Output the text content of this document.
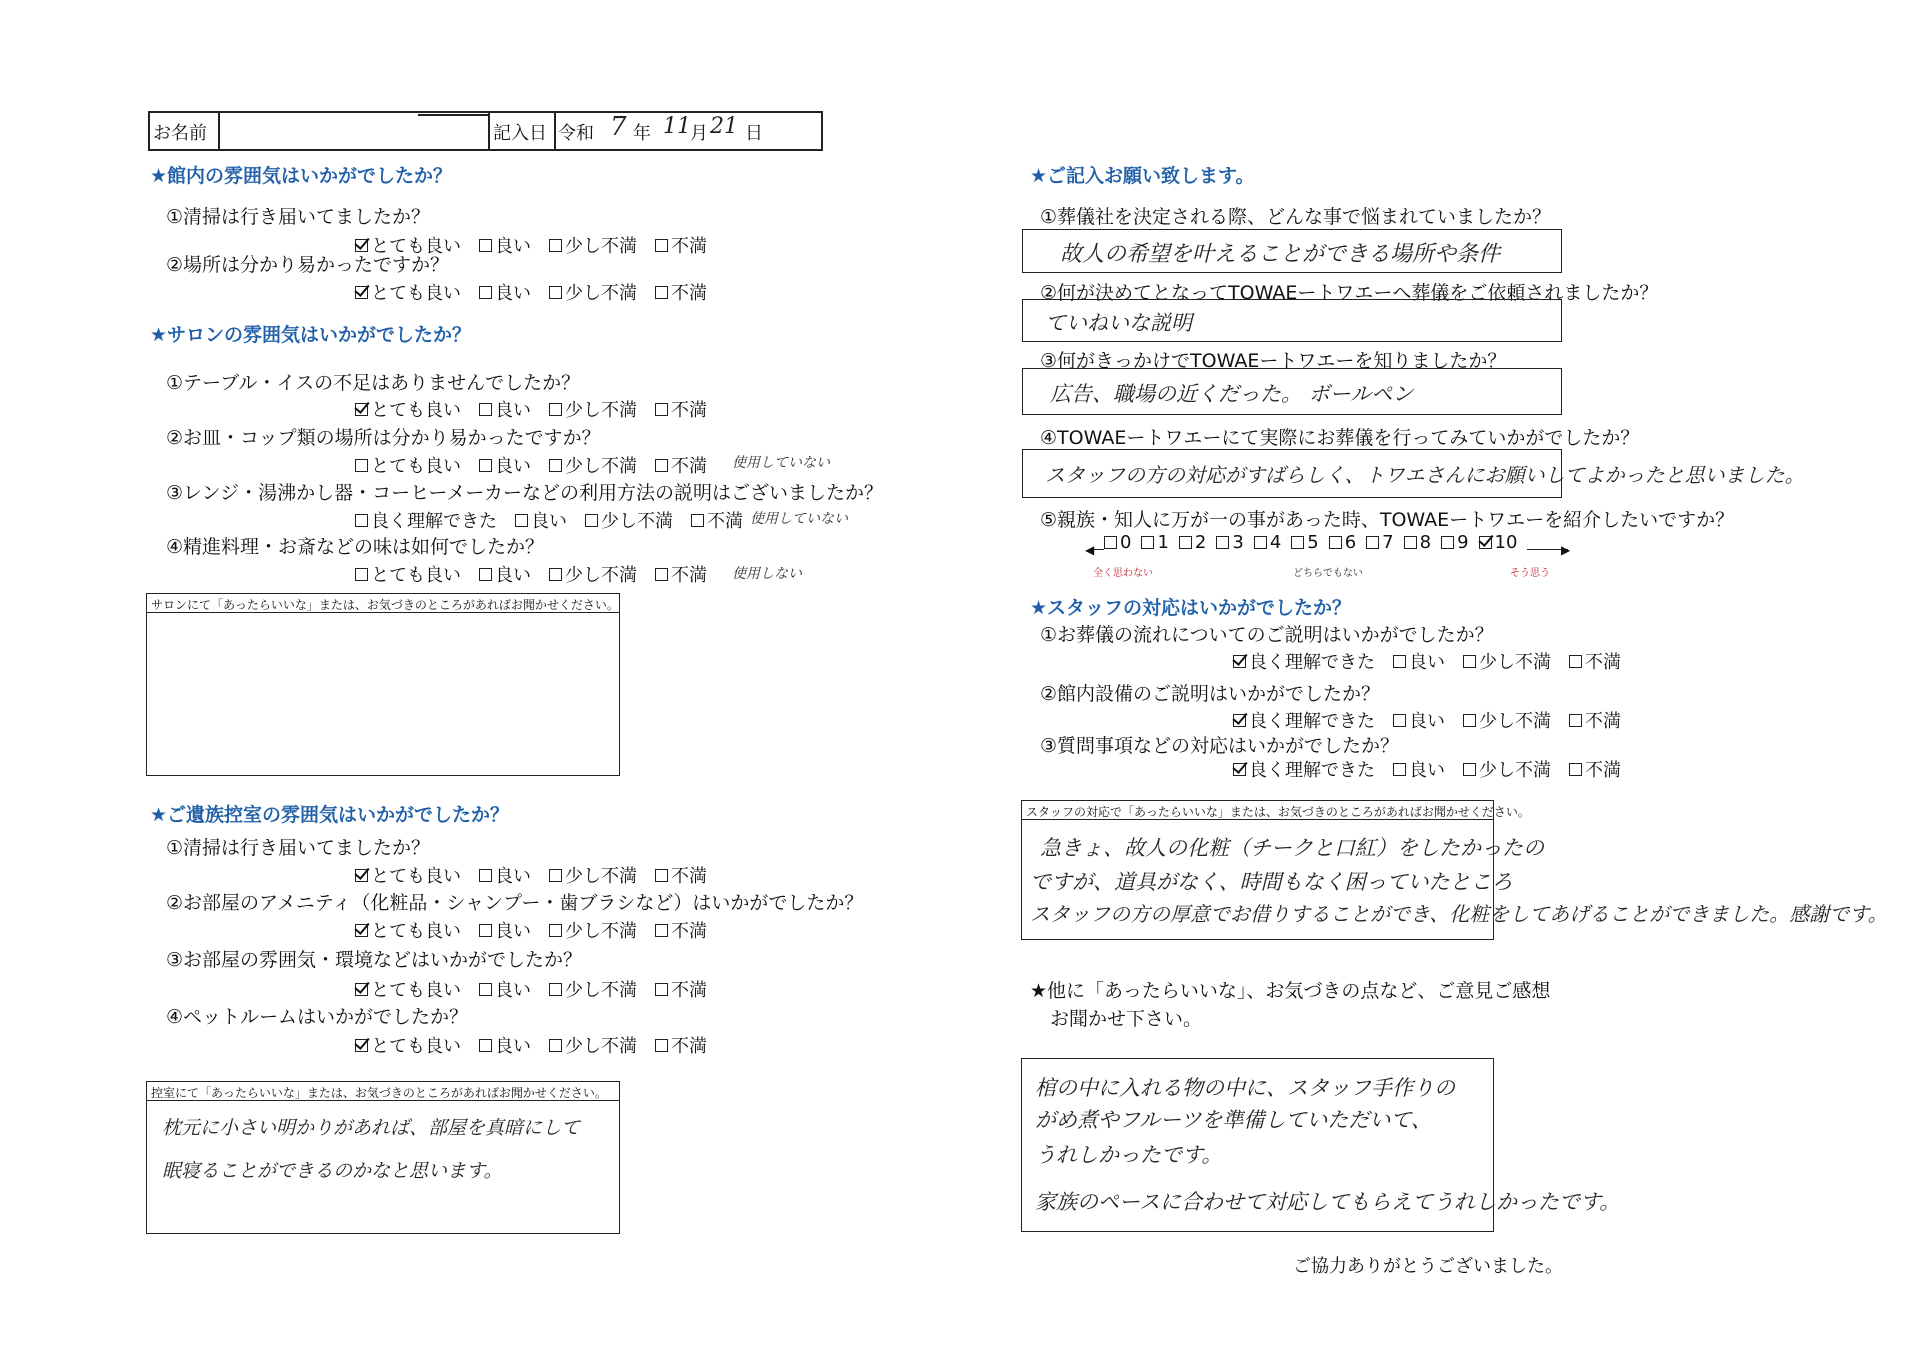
お名前	記入日 令和 7 年 11 月 21 日
★館内の雰囲気はいかがでしたか？
①清掃は行き届いてましたか？
とても良い 良い 少し不満 不満
②場所は分かり易かったですか？
とても良い 良い 少し不満 不満
★サロンの雰囲気はいかがでしたか？
①テーブル・イスの不足はありませんでしたか？
とても良い 良い 少し不満 不満
②お皿・コップ類の場所は分かり易かったですか？
とても良い 良い 少し不満 不満 使用していない
③レンジ・湯沸かし器・コーヒーメーカーなどの利用方法の説明はございましたか？
良く理解できた 良い 少し不満 不満 使用していない
④精進料理・お斎などの味は如何でしたか？
とても良い 良い 少し不満 不満 使用しない
サロンにて「あったらいいな」または、お気づきのところがあればお聞かせください。
★ご遺族控室の雰囲気はいかがでしたか？
①清掃は行き届いてましたか？
とても良い 良い 少し不満 不満
②お部屋のアメニティ（化粧品・シャンプー・歯ブラシなど）はいかがでしたか？
とても良い 良い 少し不満 不満
③お部屋の雰囲気・環境などはいかがでしたか？
とても良い 良い 少し不満 不満
④ペットルームはいかがでしたか？
とても良い 良い 少し不満 不満
控室にて「あったらいいな」または、お気づきのところがあればお聞かせください。
枕元に小さい明かりがあれば、部屋を真暗にして
眠寝ることができるのかなと思います。
★ご記入お願い致します。
①葬儀社を決定される際、どんな事で悩まれていましたか？
故人の希望を叶えることができる場所や条件
②何が決めてとなってTOWAEートワエーへ葬儀をご依頼されましたか？
ていねいな説明
③何がきっかけでTOWAEートワエーを知りましたか？
広告、職場の近くだった。 ボールペン
④TOWAEートワエーにて実際にお葬儀を行ってみていかがでしたか？
スタッフの方の対応がすばらしく、トワエさんにお願いしてよかったと思いました。
⑤親族・知人に万が一の事があった時、TOWAEートワエーを紹介したいですか？
◀	▶
0 1 2 3 4 5 6 7 8 9 10
全く思わない	どちらでもない	そう思う
★スタッフの対応はいかがでしたか？
①お葬儀の流れについてのご説明はいかがでしたか？
良く理解できた 良い 少し不満 不満
②館内設備のご説明はいかがでしたか？
良く理解できた 良い 少し不満 不満
③質問事項などの対応はいかがでしたか？
良く理解できた 良い 少し不満 不満
スタッフの対応で「あったらいいな」または、お気づきのところがあればお聞かせください。
急きょ、故人の化粧（チークと口紅）をしたかったの
ですが、道具がなく、時間もなく困っていたところ
スタッフの方の厚意でお借りすることができ、化粧をしてあげることができました。感謝です。
★他に「あったらいいな」、お気づきの点など、ご意見ご感想
お聞かせ下さい。
棺の中に入れる物の中に、スタッフ手作りの
がめ煮やフルーツを準備していただいて、
うれしかったです。
家族のペースに合わせて対応してもらえてうれしかったです。
ご協力ありがとうございました。
